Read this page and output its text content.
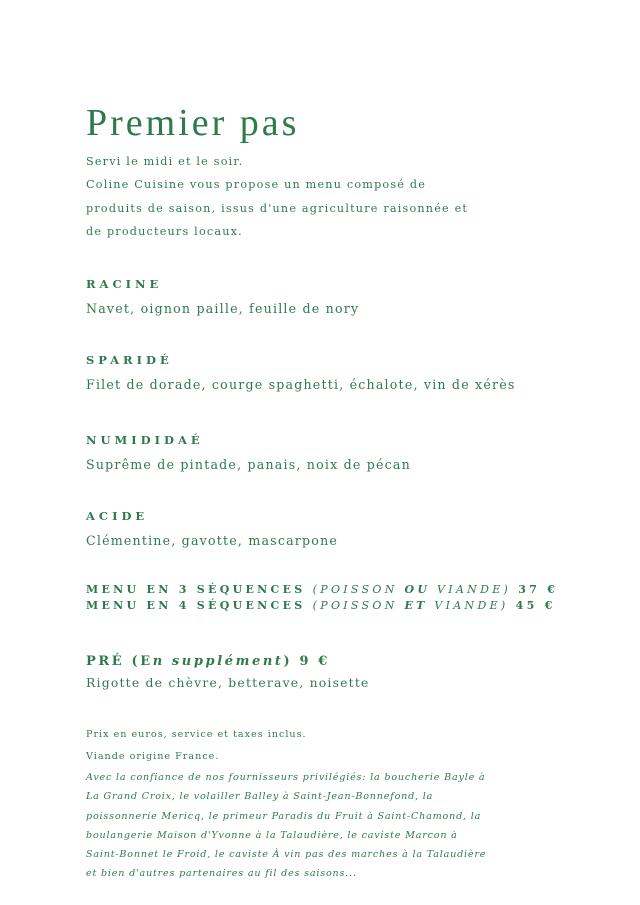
Premier pas
Servi le midi et le soir.
Coline Cuisine vous propose un menu composé de
produits de saison, issus d'une agriculture raisonnée et
de producteurs locaux.
RACINE
Navet, oignon paille, feuille de nory
SPARIDÉ
Filet de dorade, courge spaghetti, échalote, vin de xérès
NUMIDIDAÉ
Suprême de pintade, panais, noix de pécan
ACIDE
Clémentine, gavotte, mascarpone
MENU EN 3 SÉQUENCES (POISSON OU VIANDE) 37 €
MENU EN 4 SÉQUENCES (POISSON ET VIANDE) 45 €
PRÉ (En supplément) 9 €
Rigotte de chèvre, betterave, noisette
Prix en euros, service et taxes inclus.
Viande origine France.
Avec la confiance de nos fournisseurs privilégiés: la boucherie Bayle à
La Grand Croix, le volailler Balley à Saint-Jean-Bonnefond, la
poissonnerie Mericq, le primeur Paradis du Fruit à Saint-Chamond, la
boulangerie Maison d'Yvonne à la Talaudière, le caviste Marcon à
Saint-Bonnet le Froid, le caviste À vin pas des marches à la Talaudière
et bien d'autres partenaires au fil des saisons...
